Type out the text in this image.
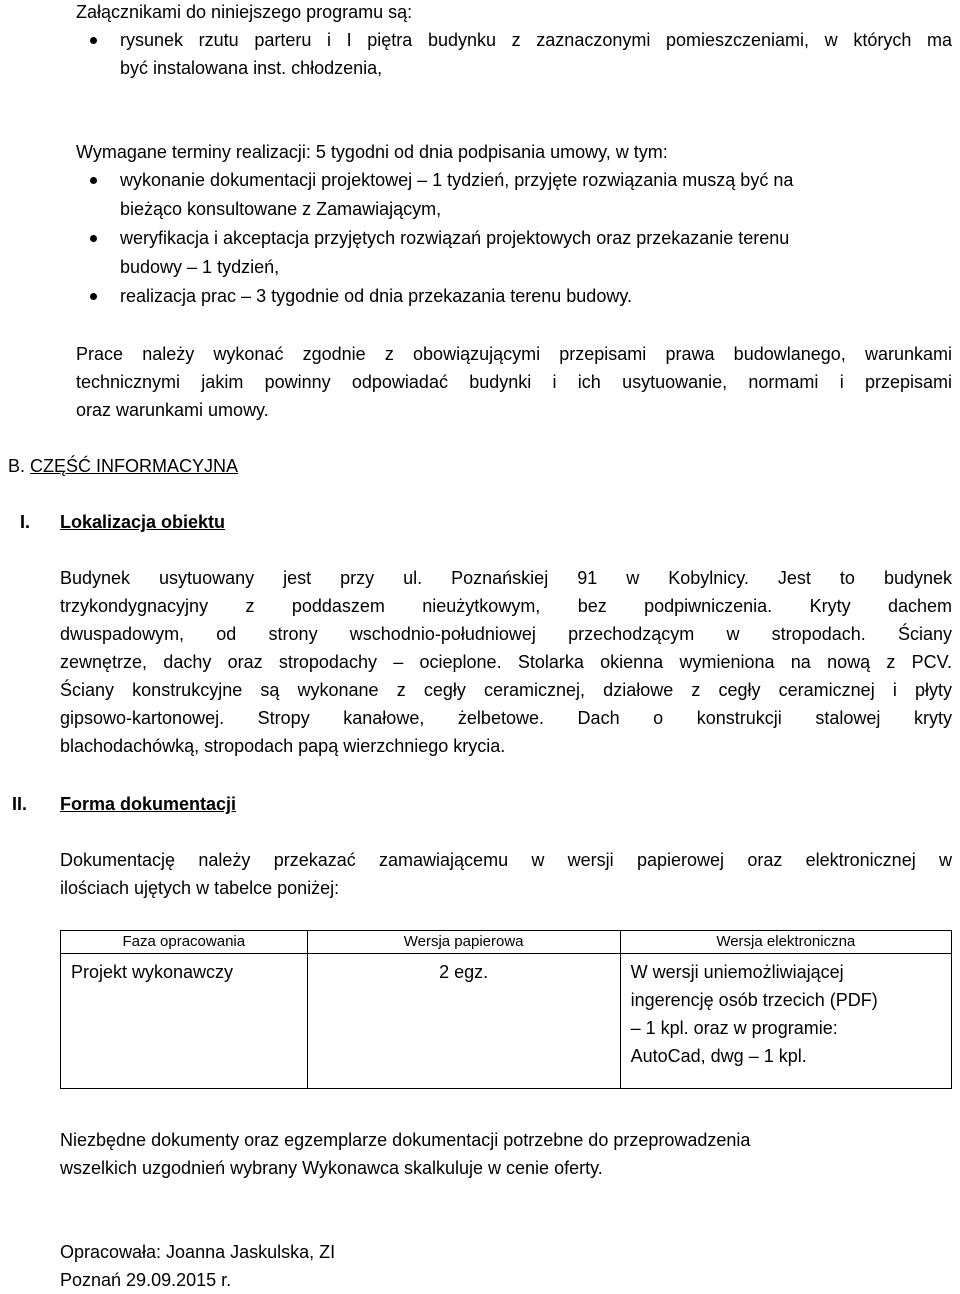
Załącznikami do niniejszego programu są:
rysunek rzutu parteru i I piętra budynku z zaznaczonymi pomieszczeniami, w których ma
być instalowana inst. chłodzenia,
Wymagane terminy realizacji: 5 tygodni od dnia podpisania umowy, w tym:
wykonanie dokumentacji projektowej – 1 tydzień, przyjęte rozwiązania muszą być na
bieżąco konsultowane z Zamawiającym,
weryfikacja i akceptacja przyjętych rozwiązań projektowych oraz przekazanie terenu
budowy – 1 tydzień,
realizacja prac – 3 tygodnie od dnia przekazania terenu budowy.
Prace należy wykonać zgodnie z obowiązującymi przepisami prawa budowlanego, warunkami
technicznymi jakim powinny odpowiadać budynki i ich usytuowanie, normami i przepisami
oraz warunkami umowy.
B. CZĘŚĆ INFORMACYJNA
I. Lokalizacja obiektu
Budynek usytuowany jest przy ul. Poznańskiej 91 w Kobylnicy. Jest to budynek
trzykondygnacyjny z poddaszem nieużytkowym, bez podpiwniczenia. Kryty dachem
dwuspadowym, od strony wschodnio-południowej przechodzącym w stropodach. Ściany
zewnętrze, dachy oraz stropodachy – ocieplone. Stolarka okienna wymieniona na nową z PCV.
Ściany konstrukcyjne są wykonane z cegły ceramicznej, działowe z cegły ceramicznej i płyty
gipsowo-kartonowej. Stropy kanałowe, żelbetowe. Dach o konstrukcji stalowej kryty
blachodachówką, stropodach papą wierzchniego krycia.
II. Forma dokumentacji
Dokumentację należy przekazać zamawiającemu w wersji papierowej oraz elektronicznej w
ilościach ujętych w tabelce poniżej:
Faza opracowania	Wersja papierowa	Wersja elektroniczna
Projekt wykonawczy	2 egz.	W wersji uniemożliwiającej
ingerencję osób trzecich (PDF)
– 1 kpl. oraz w programie:
AutoCad, dwg – 1 kpl.
Niezbędne dokumenty oraz egzemplarze dokumentacji potrzebne do przeprowadzenia
wszelkich uzgodnień wybrany Wykonawca skalkuluje w cenie oferty.
Opracowała: Joanna Jaskulska, ZI
Poznań 29.09.2015 r.
